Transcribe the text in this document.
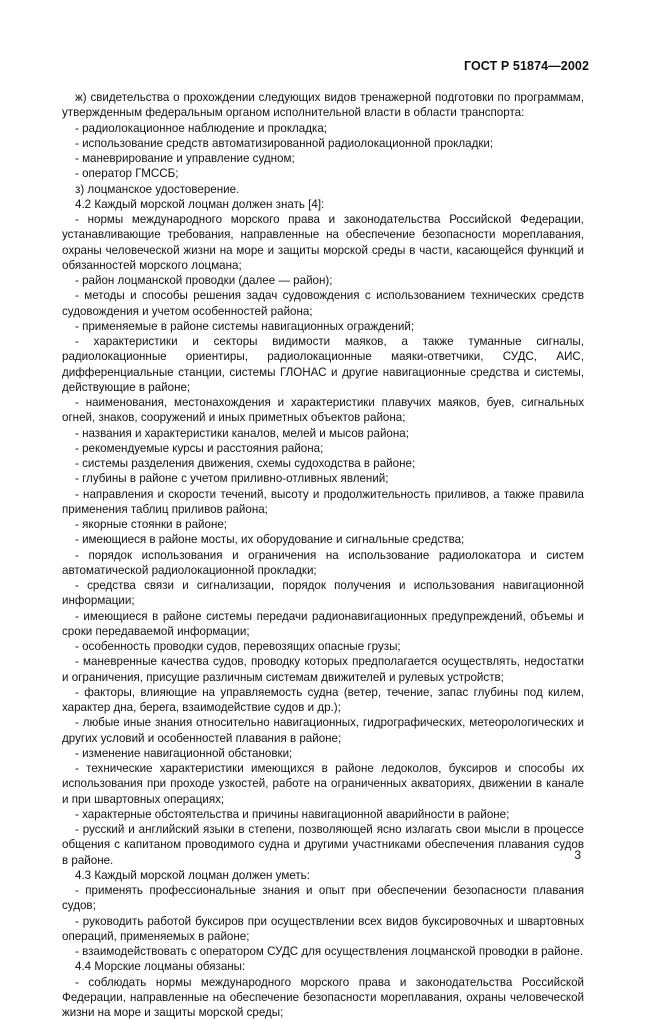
ГОСТ Р 51874—2002

ж) свидетельства о прохождении следующих видов тренажерной подготовки по программам, утвержденным федеральным органом исполнительной власти в области транспорта:

- радиолокационное наблюдение и прокладка;

- использование средств автоматизированной радиолокационной прокладки;

- маневрирование и управление судном;

- оператор ГМССБ;

з) лоцманское удостоверение.

4.2 Каждый морской лоцман должен знать [4]:

- нормы международного морского права и законодательства Российской Федерации, устанавливающие требования, направленные на обеспечение безопасности мореплавания, охраны человеческой жизни на море и защиты морской среды в части, касающейся функций и обязанностей морского лоцмана;

- район лоцманской проводки (далее — район);

- методы и способы решения задач судовождения с использованием технических средств судовождения и учетом особенностей района;

- применяемые в районе системы навигационных ограждений;

- характеристики и секторы видимости маяков, а также туманные сигналы, радиолокационные ориентиры, радиолокационные маяки-ответчики, СУДС, АИС, дифференциальные станции, системы ГЛОНАС и другие навигационные средства и системы, действующие в районе;

- наименования, местонахождения и характеристики плавучих маяков, буев, сигнальных огней, знаков, сооружений и иных приметных объектов района;

- названия и характеристики каналов, мелей и мысов района;

- рекомендуемые курсы и расстояния района;

- системы разделения движения, схемы судоходства в районе;

- глубины в районе с учетом приливно-отливных явлений;

- направления и скорости течений, высоту и продолжительность приливов, а также правила применения таблиц приливов района;

- якорные стоянки в районе;

- имеющиеся в районе мосты, их оборудование и сигнальные средства;

- порядок использования и ограничения на использование радиолокатора и систем автоматической радиолокационной прокладки;

- средства связи и сигнализации, порядок получения и использования навигационной информации;

- имеющиеся в районе системы передачи радионавигационных предупреждений, объемы и сроки передаваемой информации;

- особенность проводки судов, перевозящих опасные грузы;

- маневренные качества судов, проводку которых предполагается осуществлять, недостатки и ограничения, присущие различным системам движителей и рулевых устройств;

- факторы, влияющие на управляемость судна (ветер, течение, запас глубины под килем, характер дна, берега, взаимодействие судов и др.);

- любые иные знания относительно навигационных, гидрографических, метеорологических и других условий и особенностей плавания в районе;

- изменение навигационной обстановки;

- технические характеристики имеющихся в районе ледоколов, буксиров и способы их использования при проходе узкостей, работе на ограниченных акваториях, движении в канале и при швартовных операциях;

- характерные обстоятельства и причины навигационной аварийности в районе;

- русский и английский языки в степени, позволяющей ясно излагать свои мысли в процессе общения с капитаном проводимого судна и другими участниками обеспечения плавания судов в районе.

4.3 Каждый морской лоцман должен уметь:

- применять профессиональные знания и опыт при обеспечении безопасности плавания судов;

- руководить работой буксиров при осуществлении всех видов буксировочных и швартовных операций, применяемых в районе;

- взаимодействовать с оператором СУДС для осуществления лоцманской проводки в районе.

4.4 Морские лоцманы обязаны:

- соблюдать нормы международного морского права и законодательства Российской Федерации, направленные на обеспечение безопасности мореплавания, охраны человеческой жизни на море и защиты морской среды;

3
